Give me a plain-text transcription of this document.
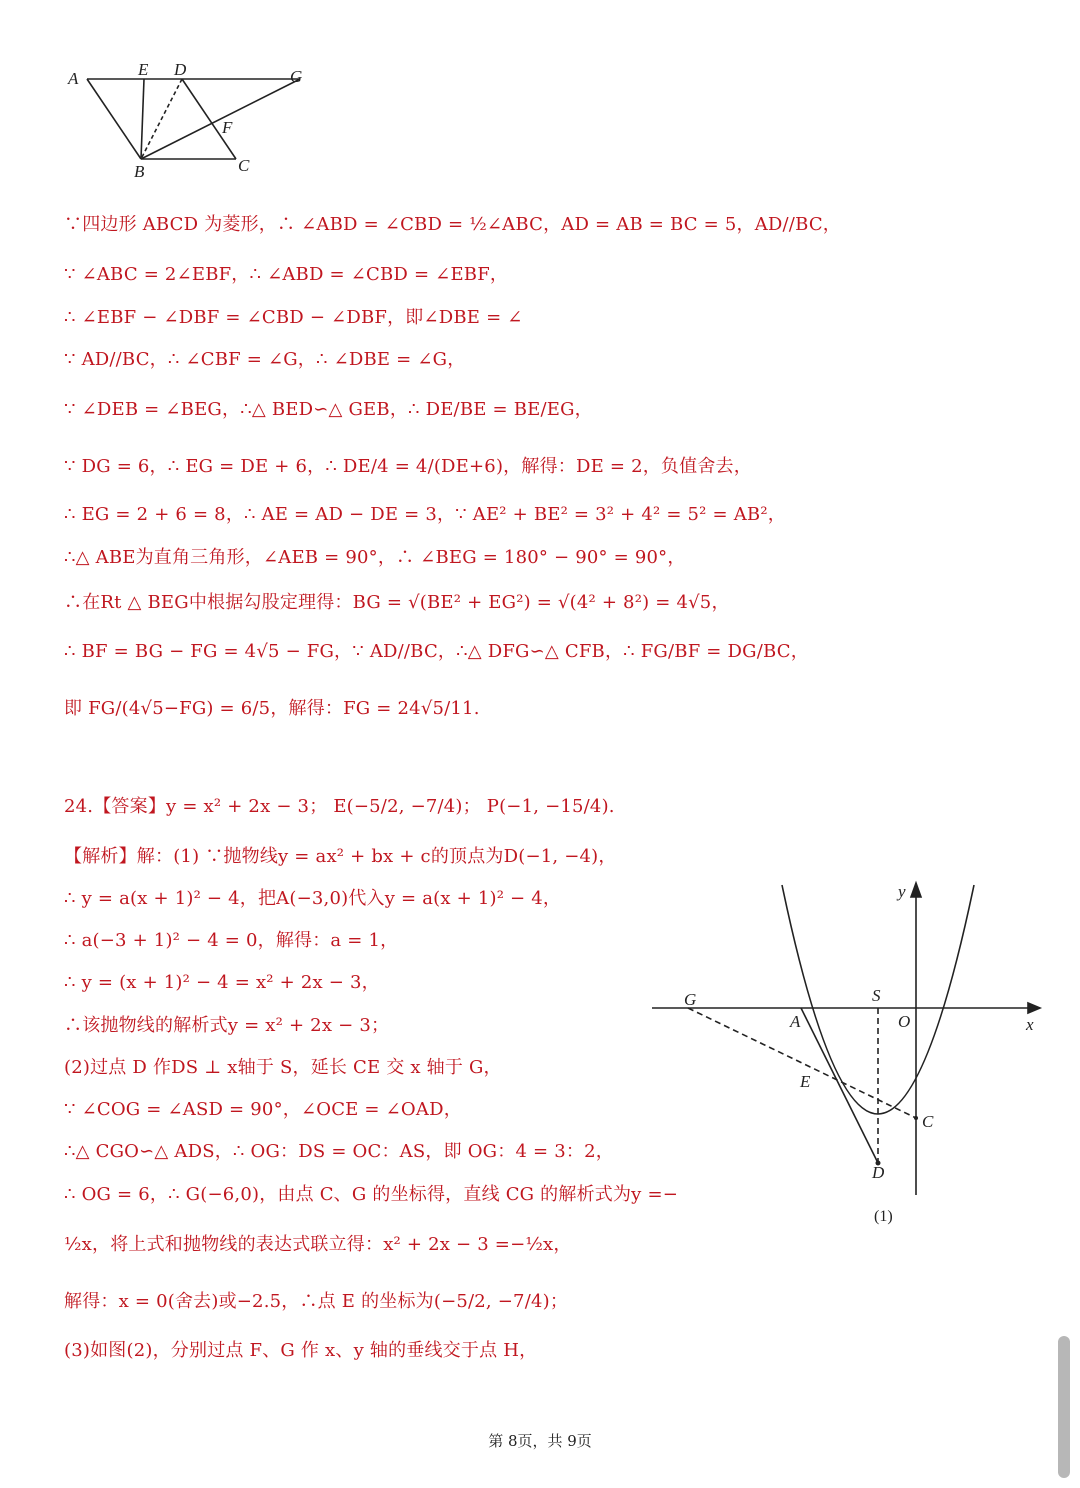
A	E D	G
F
B	C
∵四边形 ABCD 为菱形，∴ ∠ABD = ∠CBD = ½∠ABC，AD = AB = BC = 5，AD//BC，
∵ ∠ABC = 2∠EBF，∴ ∠ABD = ∠CBD = ∠EBF，
∴ ∠EBF − ∠DBF = ∠CBD − ∠DBF，即∠DBE = ∠
∵ AD//BC，∴ ∠CBF = ∠G，∴ ∠DBE = ∠G，
∵ ∠DEB = ∠BEG，∴△ BED∽△ GEB，∴ DE/BE = BE/EG，
∵ DG = 6，∴ EG = DE + 6，∴ DE/4 = 4/(DE+6)，解得：DE = 2，负值舍去，
∴ EG = 2 + 6 = 8，∴ AE = AD − DE = 3，∵ AE² + BE² = 3² + 4² = 5² = AB²，
∴△ ABE为直角三角形，∠AEB = 90°，∴ ∠BEG = 180° − 90° = 90°，
∴在Rt △ BEG中根据勾股定理得：BG = √(BE² + EG²) = √(4² + 8²) = 4√5，
∴ BF = BG − FG = 4√5 − FG，∵ AD//BC，∴△ DFG∽△ CFB，∴ FG/BF = DG/BC，
即 FG/(4√5−FG) = 6/5，解得：FG = 24√5/11.
24.【答案】y = x² + 2x − 3； E(−5/2, −7/4)； P(−1, −15/4).
【解析】解：(1) ∵抛物线y = ax² + bx + c的顶点为D(−1, −4)，
∴ y = a(x + 1)² − 4，把A(−3,0)代入y = a(x + 1)² − 4，
∴ a(−3 + 1)² − 4 = 0，解得：a = 1，
∴ y = (x + 1)² − 4 = x² + 2x − 3，
∴该抛物线的解析式y = x² + 2x − 3；
(2)过点 D 作DS ⊥ x轴于 S，延长 CE 交 x 轴于 G，
∵ ∠COG = ∠ASD = 90°，∠OCE = ∠OAD，
∴△ CGO∽△ ADS，∴ OG：DS = OC：AS，即 OG：4 = 3：2，
∴ OG = 6，∴ G(−6,0)，由点 C、G 的坐标得，直线 CG 的解析式为y =−
½x，将上式和抛物线的表达式联立得：x² + 2x − 3 =−½x，
解得：x = 0(舍去)或−2.5，∴点 E 的坐标为(−5/2, −7/4)；
(3)如图(2)，分别过点 F、G 作 x、y 轴的垂线交于点 H，
y
x
G	S
A	O
E
C
D
(1)
第 8页，共 9页
